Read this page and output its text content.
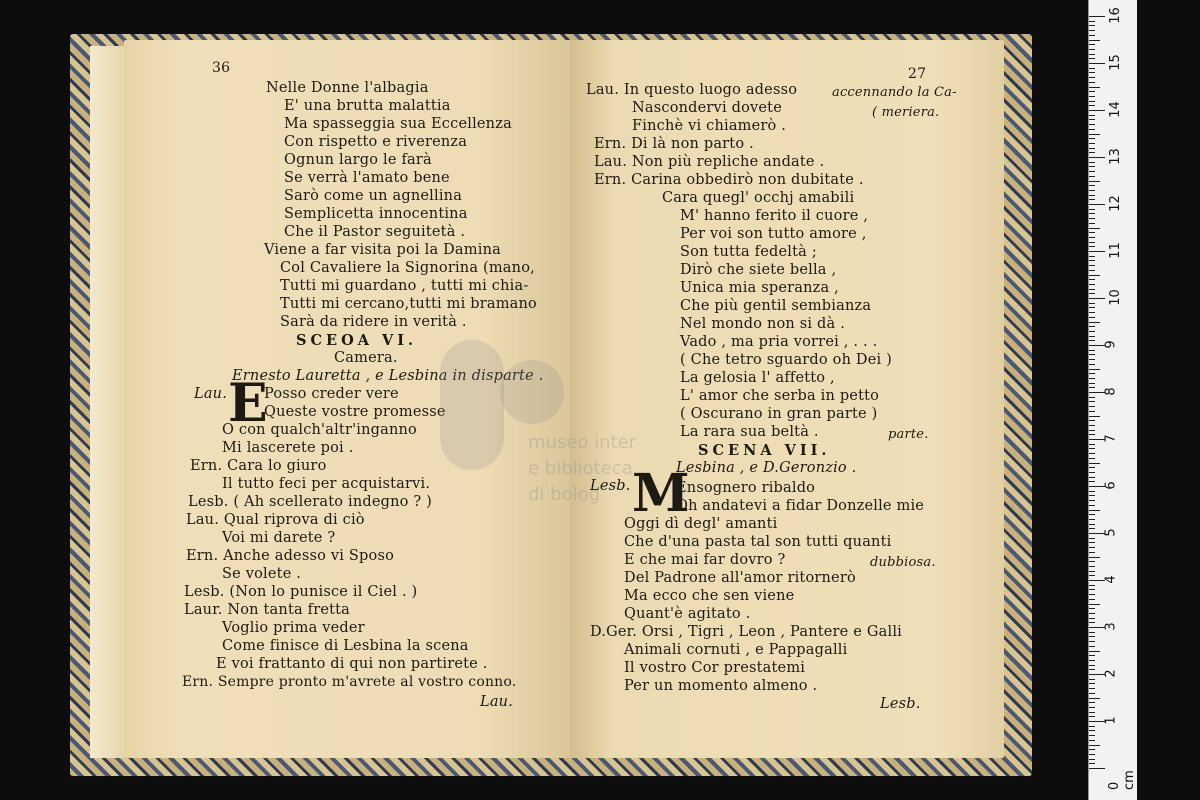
36
Nelle Donne l'albagia
E' una brutta malattia
Ma spasseggia sua Eccellenza
Con rispetto e riverenza
Ognun largo le farà
Se verrà l'amato bene
Sarò come un agnellina
Semplicetta innocentina
Che il Pastor seguitetà .
Viene a far visita poi la Damina
Col Cavaliere la Signorina (mano,
Tutti mi guardano , tutti mi chia-
Tutti mi cercano,tutti mi bramano
Sarà da ridere in verità .
SCEOA VI.
Camera.
Ernesto Lauretta , e Lesbina in disparte .
Lau. E
Posso creder vere
Queste vostre promesse
O con qualch'altr'inganno
Mi lascerete poi .
Ern. Cara lo giuro
Il tutto feci per acquistarvi.
Lesb. ( Ah scellerato indegno ? )
Lau. Qual riprova di ciò
Voi mi darete ?
Ern. Anche adesso vi Sposo
Se volete .
Lesb. (Non lo punisce il Ciel . )
Laur. Non tanta fretta
Voglio prima veder
Come finisce di Lesbina la scena
E voi frattanto di qui non partirete .
Ern. Sempre pronto m'avrete al vostro conno.
Lau.
27
Lau. In questo luogo adesso	accennando la Ca-
Nascondervi dovete	( meriera.
Finchè vi chiamerò .
Ern. Di là non parto .
Lau. Non più repliche andate .
Ern. Carina obbedirò non dubitate .
Cara quegl' occhj amabili
M' hanno ferito il cuore ,
Per voi son tutto amore ,
Son tutta fedeltà ;
Dirò che siete bella ,
Unica mia speranza ,
Che più gentil sembianza
Nel mondo non si dà .
Vado , ma pria vorrei , . . .
( Che tetro sguardo oh Dei )
La gelosia l' affetto ,
L' amor che serba in petto
( Oscurano in gran parte )
La rara sua beltà .	parte.
SCENA VII.
Lesbina , e D.Geronzio .
Lesb. M
Ensognero ribaldo
Oh andatevi a fidar Donzelle mie
Oggi dì degl' amanti
Che d'una pasta tal son tutti quanti
E che mai far dovro ?	dubbiosa.
Del Padrone all'amor ritornerò
Ma ecco che sen viene
Quant'è agitato .
D.Ger. Orsi , Tigri , Leon , Pantere e Galli
Animali cornuti , e Pappagalli
Il vostro Cor prestatemi
Per un momento almeno .
Lesb.
museo inter
e biblioteca
di bolog
0 cm
1
2
3
4
5
6
7
8
9
10
11
12
13
14
15
16
